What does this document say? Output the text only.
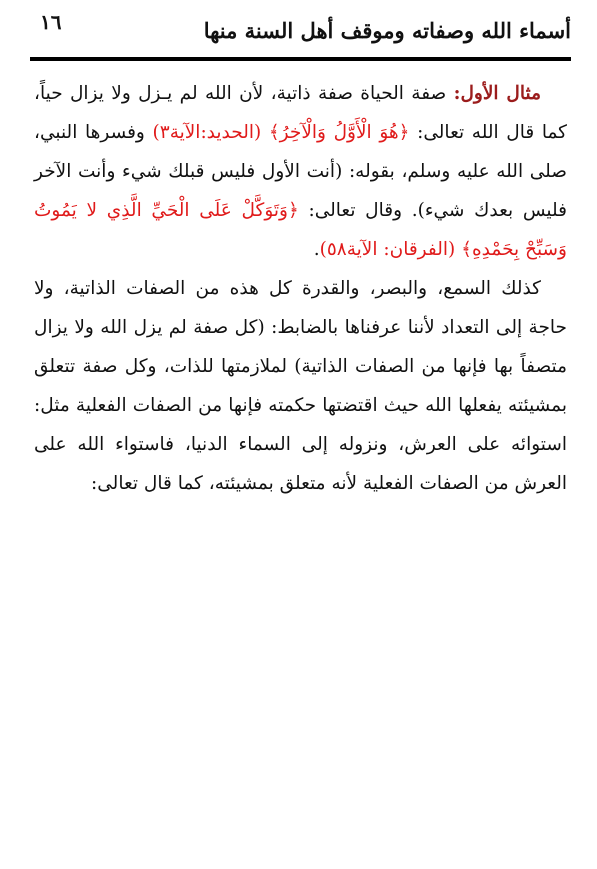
١٦	أسماء الله وصفاته وموقف أهل السنة منها

مثال الأول: صفة الحياة صفة ذاتية، لأن الله لم يـزل ولا يزال حياً، كما قال الله تعالى: ﴿هُوَ الْأَوَّلُ وَالْآخِرُ﴾ (الحديد:الآية٣) وفسرها النبي، صلى الله عليه وسلم، بقوله: (أنت الأول فليس قبلك شيء وأنت الآخر فليس بعدك شيء). وقال تعالى: ﴿وَتَوَكَّلْ عَلَى الْحَيِّ الَّذِي لا يَمُوتُ وَسَبِّحْ بِحَمْدِهِ﴾ (الفرقان: الآية٥٨).

كذلك السمع، والبصر، والقدرة كل هذه من الصفات الذاتية، ولا حاجة إلى التعداد لأننا عرفناها بالضابط: (كل صفة لم يزل الله ولا يزال متصفاً بها فإنها من الصفات الذاتية) لملازمتها للذات، وكل صفة تتعلق بمشيئته يفعلها الله حيث اقتضتها حكمته فإنها من الصفات الفعلية مثل: استوائه على العرش، ونزوله إلى السماء الدنيا، فاستواء الله على العرش من الصفات الفعلية لأنه متعلق بمشيئته، كما قال تعالى:
